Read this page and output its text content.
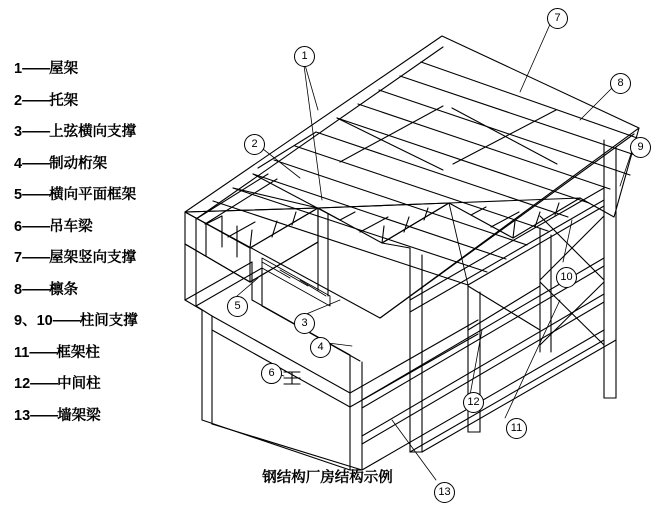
1——屋架
2——托架
3——上弦横向支撑
4——制动桁架
5——横向平面框架
6——吊车梁
7——屋架竖向支撑
8——檩条
9、10——柱间支撑
11——框架柱
12——中间柱
13——墙架梁
1
2
3
4
5
6
7
8
9
10
11
12
13
钢结构厂房结构示例
